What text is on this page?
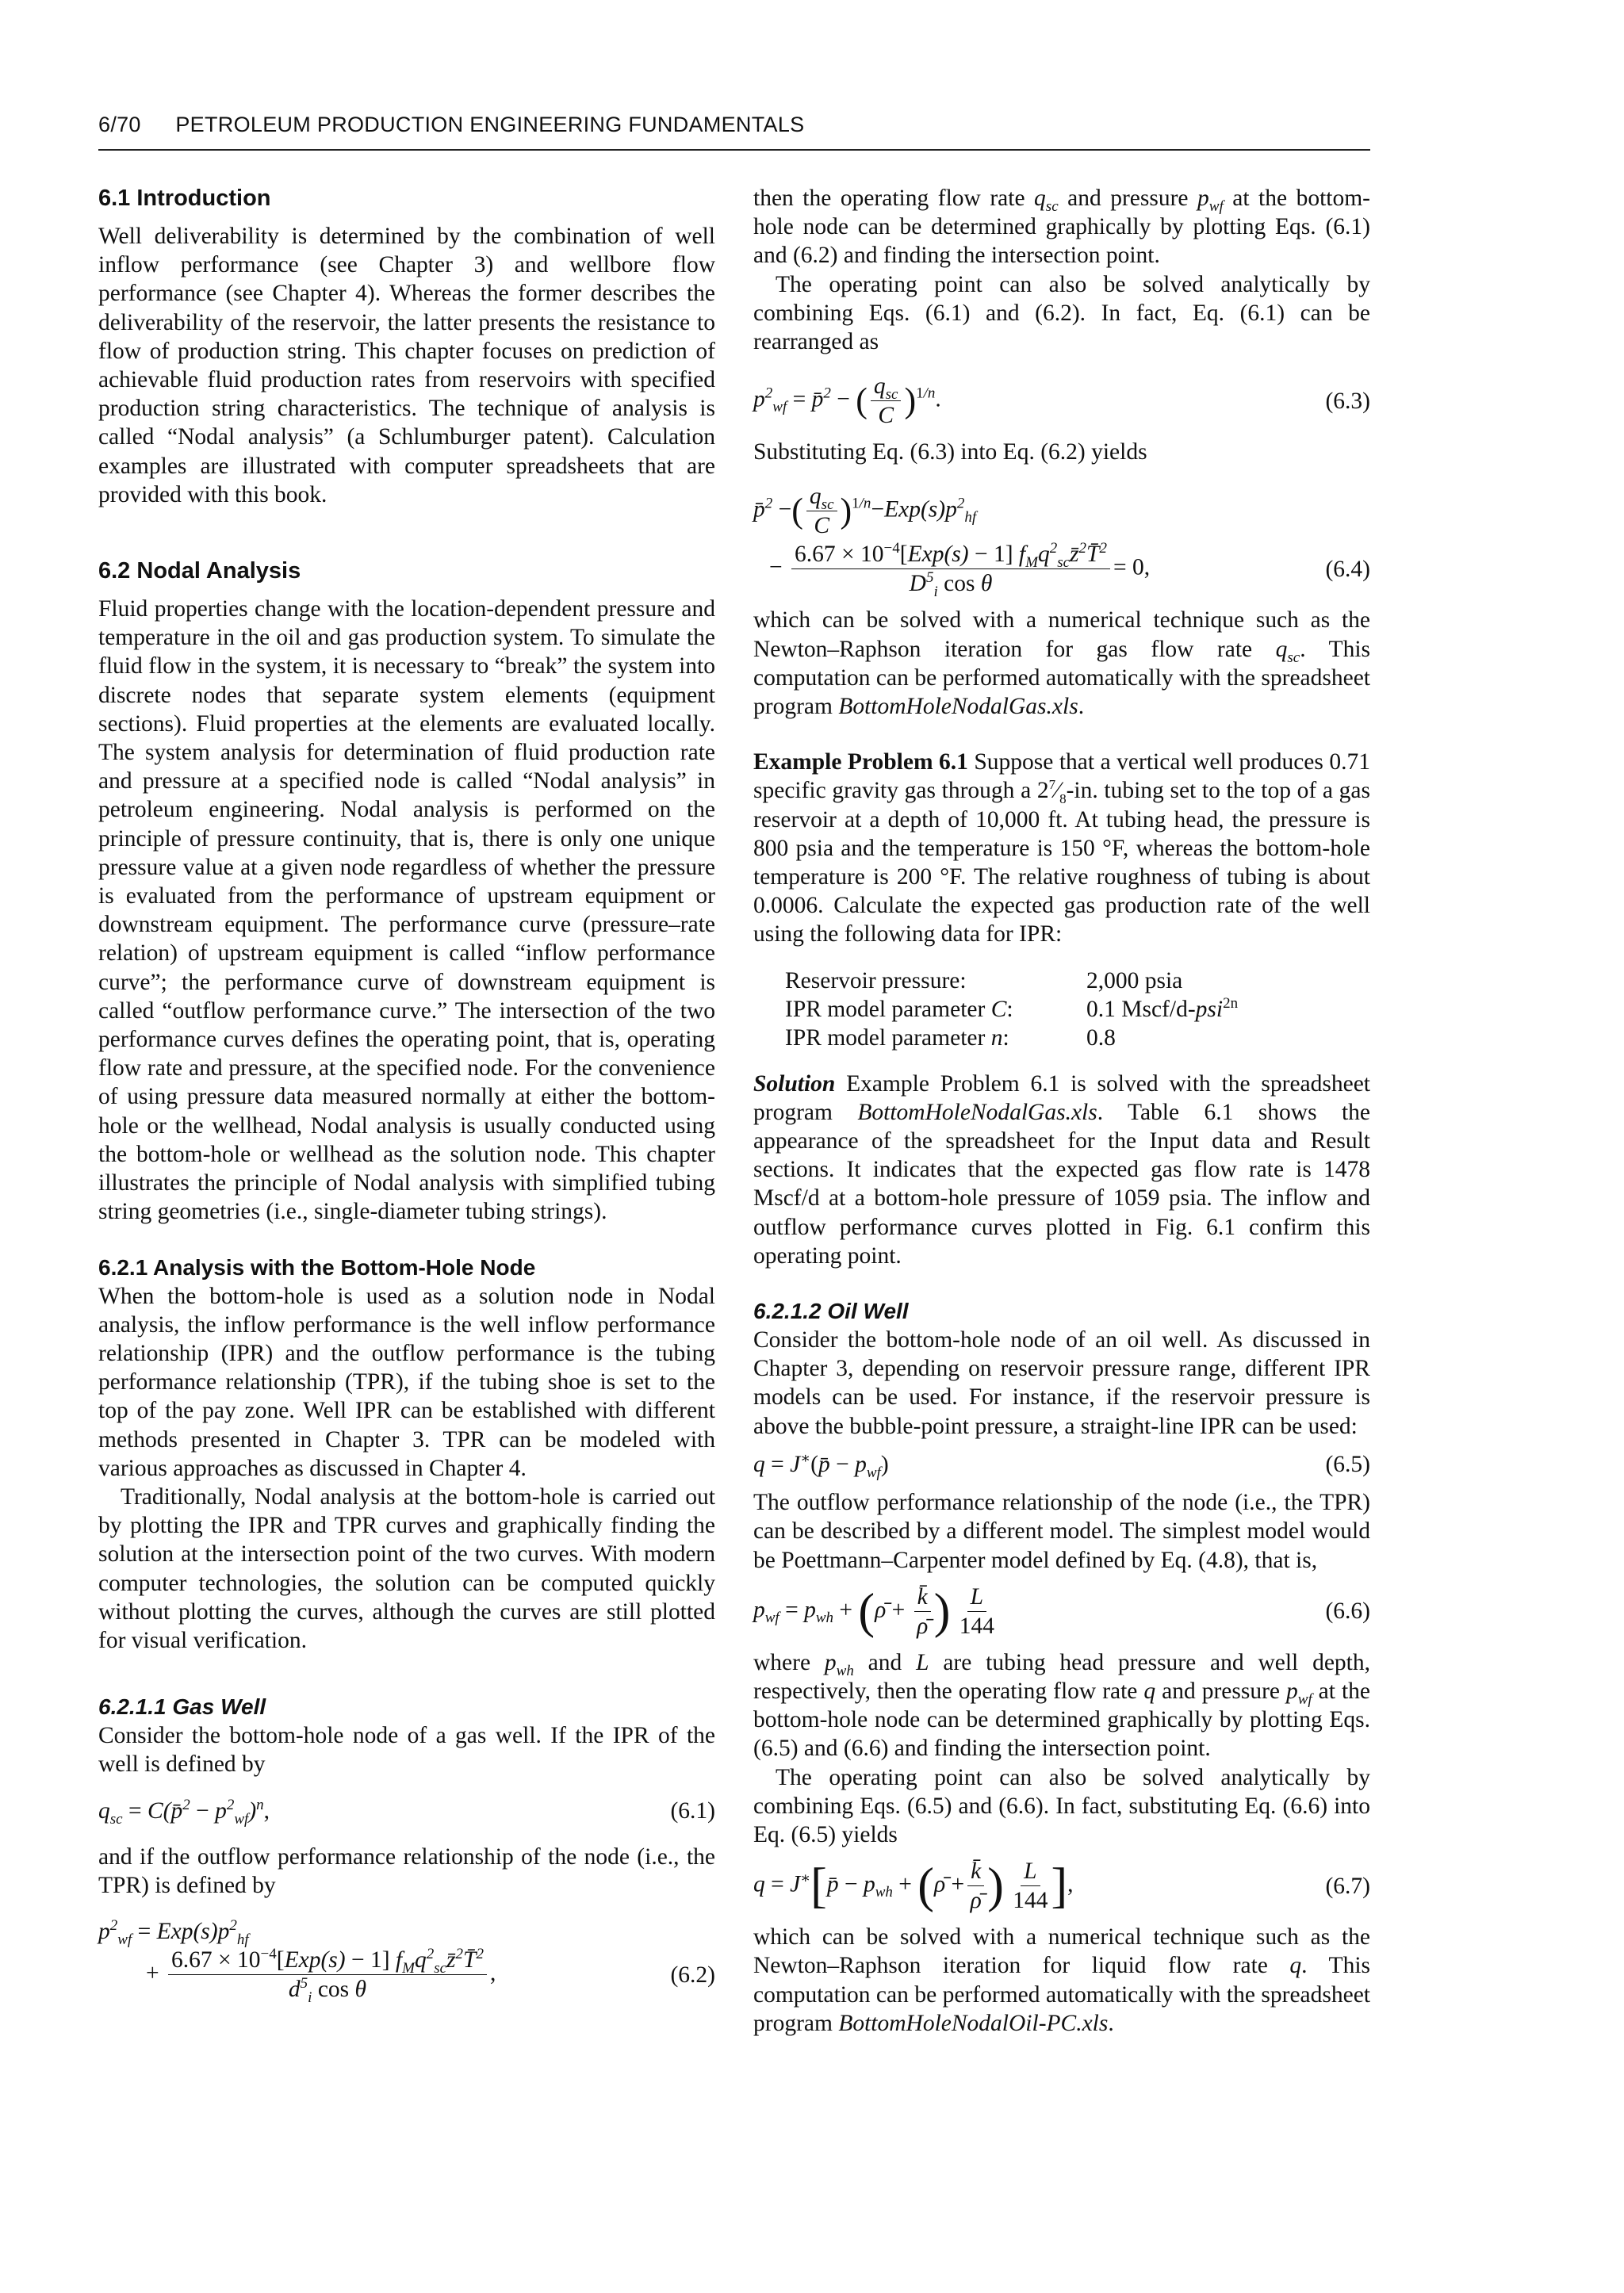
6/70 PETROLEUM PRODUCTION ENGINEERING FUNDAMENTALS
6.1 Introduction

Well deliverability is determined by the combination of well inflow performance (see Chapter 3) and wellbore flow performance (see Chapter 4). Whereas the former describes the deliverability of the reservoir, the latter presents the resistance to flow of production string. This chapter focuses on prediction of achievable fluid production rates from reservoirs with specified production string characteristics. The technique of analysis is called “Nodal analysis” (a Schlumburger patent). Calculation examples are illustrated with computer spreadsheets that are provided with this book.

6.2 Nodal Analysis

Fluid properties change with the location-dependent pressure and temperature in the oil and gas production system. To simulate the fluid flow in the system, it is necessary to “break” the system into discrete nodes that separate system elements (equipment sections). Fluid properties at the elements are evaluated locally. The system analysis for determination of fluid production rate and pressure at a specified node is called “Nodal analysis” in petroleum engineering. Nodal analysis is performed on the principle of pressure continuity, that is, there is only one unique pressure value at a given node regardless of whether the pressure is evaluated from the performance of upstream equipment or downstream equipment. The performance curve (pressure–rate relation) of upstream equipment is called “inflow performance curve”; the performance curve of downstream equipment is called “outflow performance curve.” The intersection of the two performance curves defines the operating point, that is, operating flow rate and pressure, at the specified node. For the convenience of using pressure data measured normally at either the bottom-hole or the wellhead, Nodal analysis is usually conducted using the bottom-hole or wellhead as the solution node. This chapter illustrates the principle of Nodal analysis with simplified tubing string geometries (i.e., single-diameter tubing strings).

6.2.1 Analysis with the Bottom-Hole Node

When the bottom-hole is used as a solution node in Nodal analysis, the inflow performance is the well inflow performance relationship (IPR) and the outflow performance is the tubing performance relationship (TPR), if the tubing shoe is set to the top of the pay zone. Well IPR can be established with different methods presented in Chapter 3. TPR can be modeled with various approaches as discussed in Chapter 4.

Traditionally, Nodal analysis at the bottom-hole is carried out by plotting the IPR and TPR curves and graphically finding the solution at the intersection point of the two curves. With modern computer technologies, the solution can be computed quickly without plotting the curves, although the curves are still plotted for visual verification.

6.2.1.1 Gas Well

Consider the bottom-hole node of a gas well. If the IPR of the well is defined by

$q_{sc}$ = C(p̄$^2$ − $p^2_{wf})^n$,	(6.1)

and if the outflow performance relationship of the node (i.e., the TPR) is defined by

$p^2_{wf} = Exp(s)p^2_{hf}$
+ $\frac{6.67 \times 10^{-4}[Exp(s) - 1] f_Mq^2_{sc}z̄^2T̄^2}{d^5_i \cos \theta}$ ,	(6.2)

then the operating flow rate $q_{sc}$ and pressure $p_{wf}$ at the bottom-hole node can be determined graphically by plotting Eqs. (6.1) and (6.2) and finding the intersection point.

The operating point can also be solved analytically by combining Eqs. (6.1) and (6.2). In fact, Eq. (6.1) can be rearranged as

$p^2_{wf}$ = p̄$^2$ − ( $\frac{q_{sc}}{C} )^{1/n}$.	(6.3)

Substituting Eq. (6.3) into Eq. (6.2) yields

p̄$^2$ −( $\frac{q_{sc}}{C} )^{1/n}-Exp(s)p^2_{hf}$
− $\frac{6.67 \times 10^{-4}[Exp(s) - 1] f_Mq^2_{sc}z̄^2T̄^2}{D^5_i \cos \theta} = 0$,	(6.4)

which can be solved with a numerical technique such as the Newton–Raphson iteration for gas flow rate $q_{sc}$. This computation can be performed automatically with the spreadsheet program BottomHoleNodalGas.xls.

Example Problem 6.1 Suppose that a vertical well produces 0.71 specific gravity gas through a $2^7⁄_8-in$. tubing set to the top of a gas reservoir at a depth of 10,000 ft. At tubing head, the pressure is 800 psia and the temperature is 150 °F, whereas the bottom-hole temperature is 200 °F. The relative roughness of tubing is about 0.0006. Calculate the expected gas production rate of the well using the following data for IPR:

Reservoir pressure:	2,000 psia
IPR model parameter C:	0.1 Mscf/d-psi$^{2n}$
IPR model parameter n:	0.8

Solution Example Problem 6.1 is solved with the spreadsheet program BottomHoleNodalGas.xls. Table 6.1 shows the appearance of the spreadsheet for the Input data and Result sections. It indicates that the expected gas flow rate is 1478 Mscf/d at a bottom-hole pressure of 1059 psia. The inflow and outflow performance curves plotted in Fig. 6.1 confirm this operating point.

6.2.1.2 Oil Well

Consider the bottom-hole node of an oil well. As discussed in Chapter 3, depending on reservoir pressure range, different IPR models can be used. For instance, if the reservoir pressure is above the bubble-point pressure, a straight-line IPR can be used:

q = J∗(p̄ − $p_{wf}$)	(6.5)

The outflow performance relationship of the node (i.e., the TPR) can be described by a different model. The simplest model would be Poettmann–Carpenter model defined by Eq. (4.8), that is,

$p_{wf} = p_{wh}$ + (ρ̄ + $\frac{k̄}{\rhō}$ ) $\frac{L}{144}$	(6.6)

where $p_{wh}$ and L are tubing head pressure and well depth, respectively, then the operating flow rate q and pressure $p_{wf}$ at the bottom-hole node can be determined graphically by plotting Eqs. (6.5) and (6.6) and finding the intersection point.

The operating point can also be solved analytically by combining Eqs. (6.5) and (6.6). In fact, substituting Eq. (6.6) into Eq. (6.5) yields

q = J∗[p̄ − $p_{wh}$ + (ρ̄ + $\frac{k̄}{\rhō}$ ) $\frac{L}{144}$ ],	(6.7)

which can be solved with a numerical technique such as the Newton–Raphson iteration for liquid flow rate q. This computation can be performed automatically with the spreadsheet program BottomHoleNodalOil-PC.xls.
